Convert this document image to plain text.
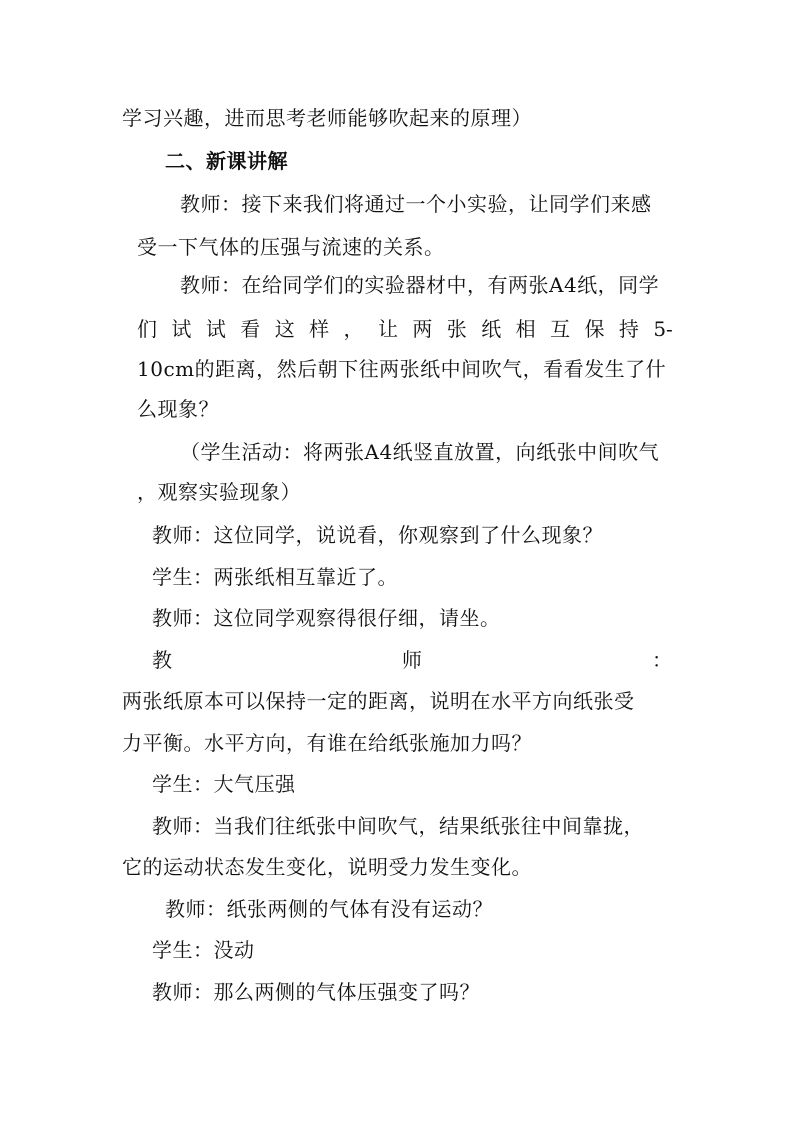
学习兴趣，进而思考老师能够吹起来的原理）
二、新课讲解
教师：接下来我们将通过一个小实验，让同学们来感
受一下气体的压强与流速的关系。
教师：在给同学们的实验器材中，有两张A4纸，同学
们 试 试 看 这 样 ， 让 两 张 纸 相 互 保 持 5-
10cm的距离，然后朝下往两张纸中间吹气，看看发生了什
么现象？
（学生活动：将两张A4纸竖直放置，向纸张中间吹气
，观察实验现象）
教师：这位同学，说说看，你观察到了什么现象？
学生：两张纸相互靠近了。
教师：这位同学观察得很仔细，请坐。
教	师	：
两张纸原本可以保持一定的距离，说明在水平方向纸张受
力平衡。水平方向，有谁在给纸张施加力吗？
学生：大气压强
教师：当我们往纸张中间吹气，结果纸张往中间靠拢，
它的运动状态发生变化，说明受力发生变化。
教师：纸张两侧的气体有没有运动？
学生：没动
教师：那么两侧的气体压强变了吗？
